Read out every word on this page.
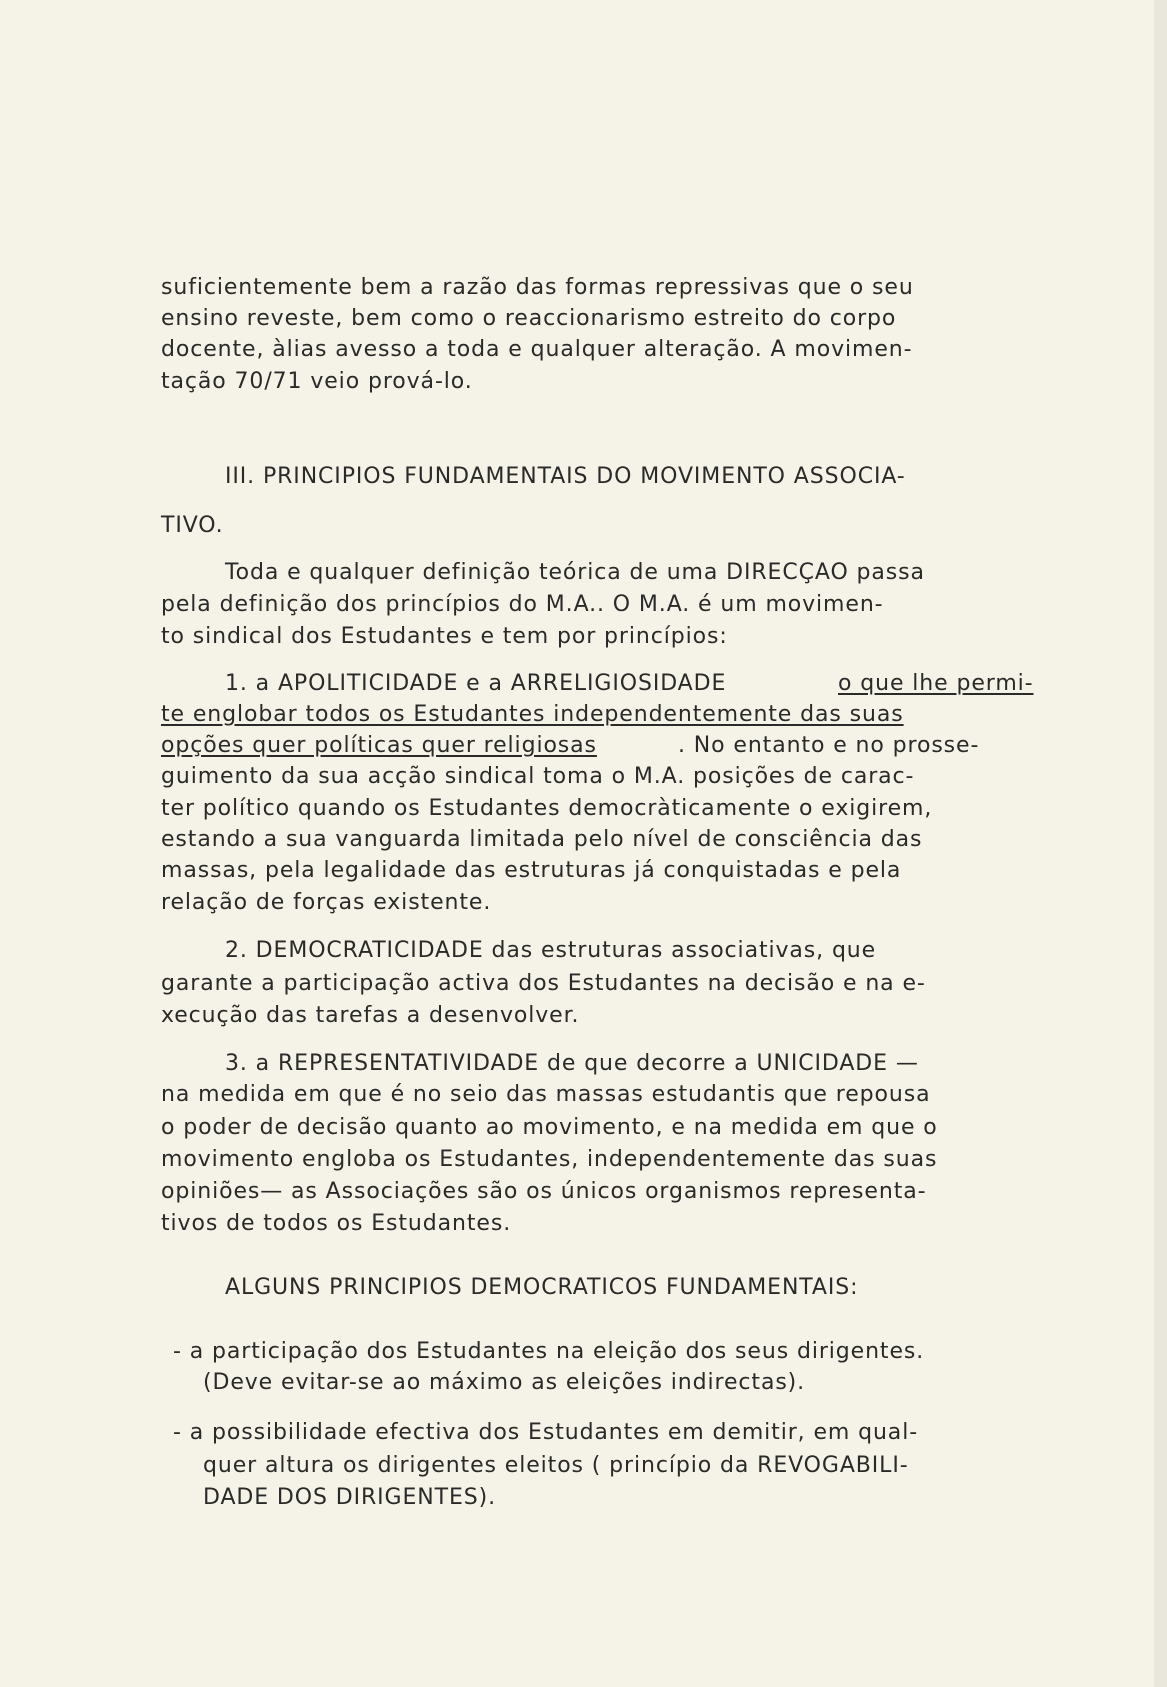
suficientemente bem a razão das formas repressivas que o seu
ensino reveste, bem como o reaccionarismo estreito do corpo
docente, àlias avesso a toda e qualquer alteração. A movimen-
tação 70/71 veio prová-lo.
III. PRINCIPIOS FUNDAMENTAIS DO MOVIMENTO ASSOCIA-
TIVO.
Toda e qualquer definição teórica de uma DIRECÇAO passa
pela definição dos princípios do M.A.. O M.A. é um movimen-
to sindical dos Estudantes e tem por princípios:
1. a APOLITICIDADE e a ARRELIGIOSIDADE	o que lhe permi-
te englobar todos os Estudantes independentemente das suas
opções quer políticas quer religiosas	. No entanto e no prosse-
guimento da sua acção sindical toma o M.A. posições de carac-
ter político quando os Estudantes democràticamente o exigirem,
estando a sua vanguarda limitada pelo nível de consciência das
massas, pela legalidade das estruturas já conquistadas e pela
relação de forças existente.
2. DEMOCRATICIDADE das estruturas associativas, que
garante a participação activa dos Estudantes na decisão e na e-
xecução das tarefas a desenvolver.
3. a REPRESENTATIVIDADE de que decorre a UNICIDADE —
na medida em que é no seio das massas estudantis que repousa
o poder de decisão quanto ao movimento, e na medida em que o
movimento engloba os Estudantes, independentemente das suas
opiniões— as Associações são os únicos organismos representa-
tivos de todos os Estudantes.
ALGUNS PRINCIPIOS DEMOCRATICOS FUNDAMENTAIS:
- a participação dos Estudantes na eleição dos seus dirigentes.
(Deve evitar-se ao máximo as eleições indirectas).
- a possibilidade efectiva dos Estudantes em demitir, em qual-
quer altura os dirigentes eleitos ( princípio da REVOGABILI-
DADE DOS DIRIGENTES).
